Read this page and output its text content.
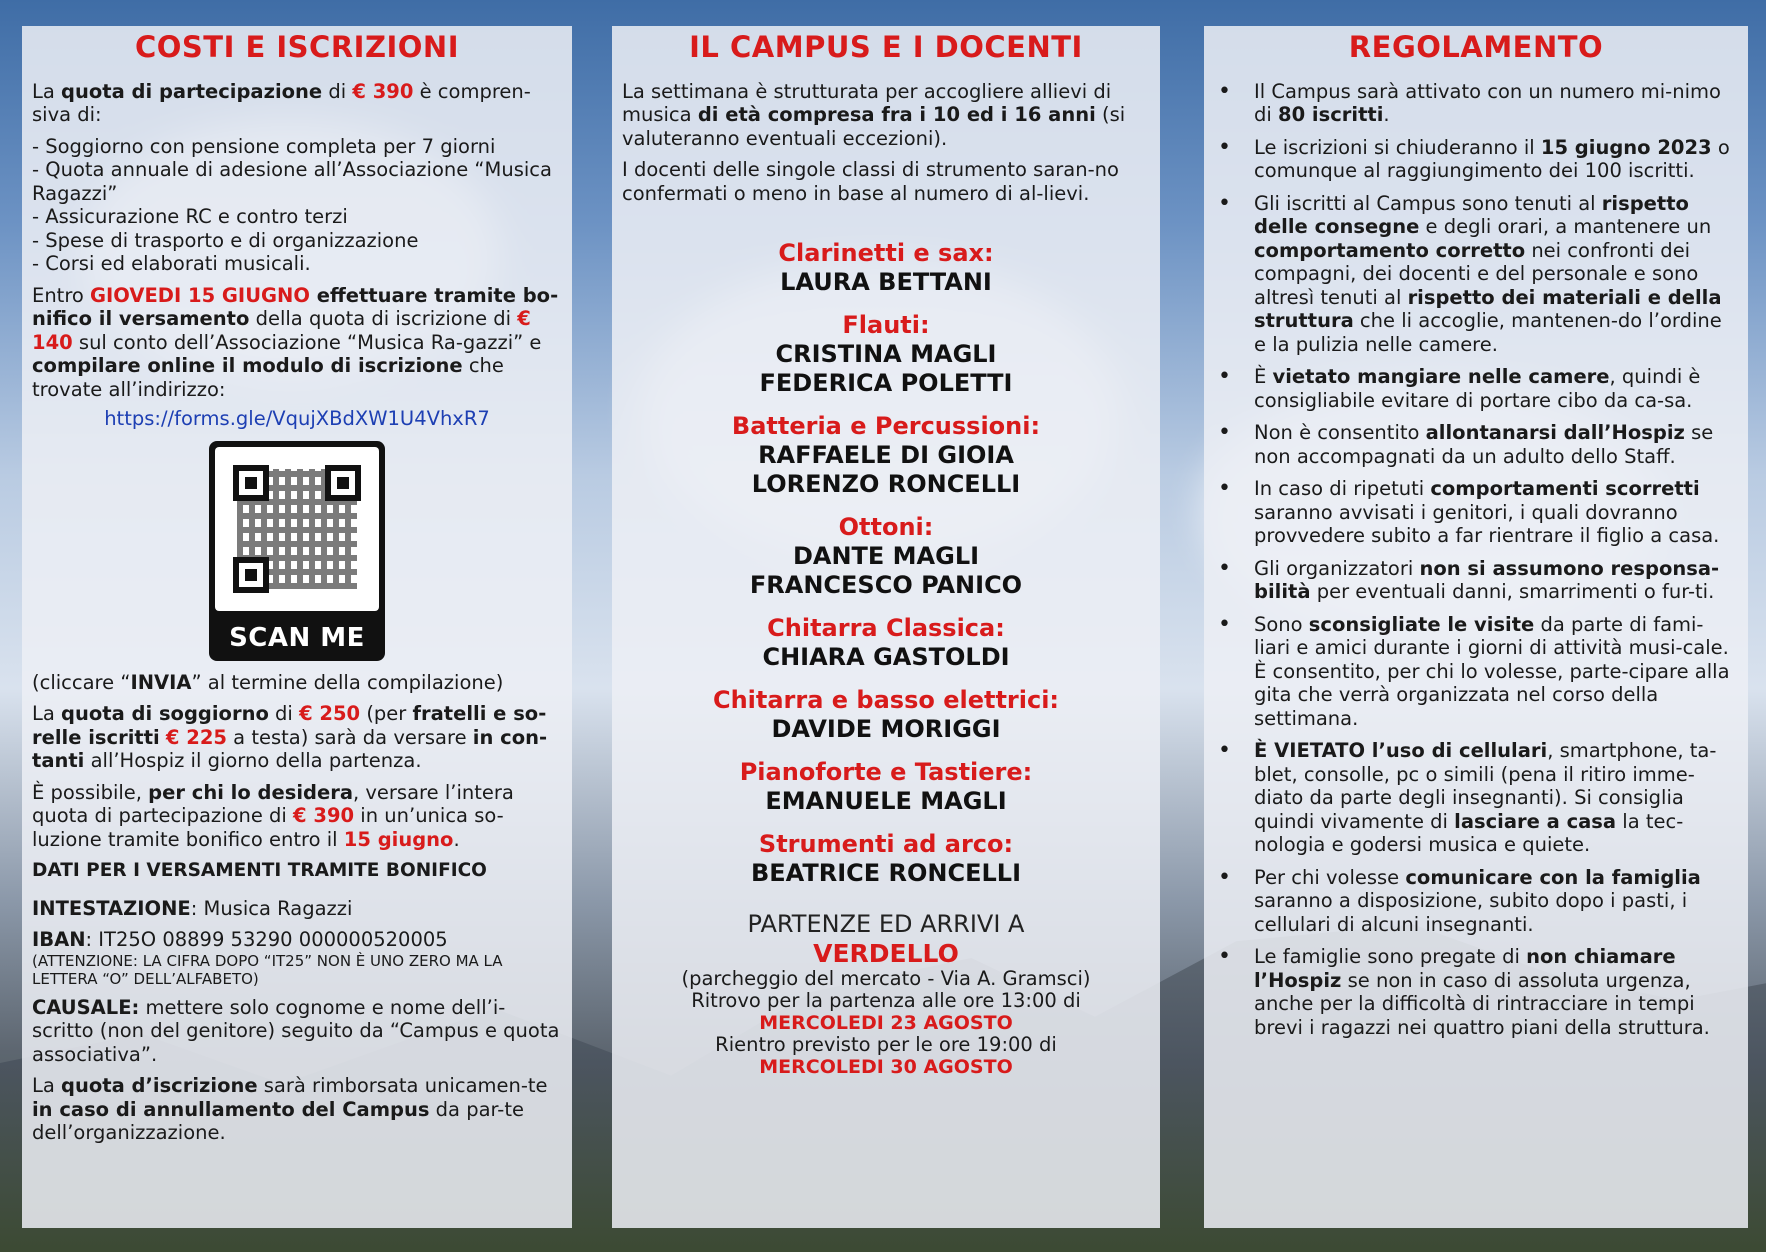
COSTI E ISCRIZIONI
La quota di partecipazione di € 390 è compren-siva di:
- Soggiorno con pensione completa per 7 giorni
- Quota annuale di adesione all’Associazione “Musica Ragazzi”
- Assicurazione RC e contro terzi
- Spese di trasporto e di organizzazione
- Corsi ed elaborati musicali.
Entro GIOVEDI 15 GIUGNO effettuare tramite bo-nifico il versamento della quota di iscrizione di € 140 sul conto dell’Associazione “Musica Ra-gazzi” e compilare online il modulo di iscrizione che trovate all’indirizzo:
https://forms.gle/VqujXBdXW1U4VhxR7
SCAN ME
(cliccare “INVIA” al termine della compilazione)
La quota di soggiorno di € 250 (per fratelli e so-relle iscritti € 225 a testa) sarà da versare in con-tanti all’Hospiz il giorno della partenza.
È possibile, per chi lo desidera, versare l’intera quota di partecipazione di € 390 in un’unica so-luzione tramite bonifico entro il 15 giugno.
DATI PER I VERSAMENTI TRAMITE BONIFICO
INTESTAZIONE: Musica Ragazzi
IBAN: IT25O 08899 53290 000000520005
(ATTENZIONE: LA CIFRA DOPO “IT25” NON È UNO ZERO MA LA LETTERA “O” DELL’ALFABETO)
CAUSALE: mettere solo cognome e nome dell’i-scritto (non del genitore) seguito da “Campus e quota associativa”.
La quota d’iscrizione sarà rimborsata unicamen-te in caso di annullamento del Campus da par-te dell’organizzazione.
IL CAMPUS E I DOCENTI
La settimana è strutturata per accogliere allievi di musica di età compresa fra i 10 ed i 16 anni (si valuteranno eventuali eccezioni).
I docenti delle singole classi di strumento saran-no confermati o meno in base al numero di al-lievi.
Clarinetti e sax:
LAURA BETTANI
Flauti:
CRISTINA MAGLI
FEDERICA POLETTI
Batteria e Percussioni:
RAFFAELE DI GIOIA
LORENZO RONCELLI
Ottoni:
DANTE MAGLI
FRANCESCO PANICO
Chitarra Classica:
CHIARA GASTOLDI
Chitarra e basso elettrici:
DAVIDE MORIGGI
Pianoforte e Tastiere:
EMANUELE MAGLI
Strumenti ad arco:
BEATRICE RONCELLI
PARTENZE ED ARRIVI A
VERDELLO
(parcheggio del mercato - Via A. Gramsci)
Ritrovo per la partenza alle ore 13:00 di
MERCOLEDI 23 AGOSTO
Rientro previsto per le ore 19:00 di
MERCOLEDI 30 AGOSTO
REGOLAMENTO
• Il Campus sarà attivato con un numero mi-nimo di 80 iscritti.
• Le iscrizioni si chiuderanno il 15 giugno 2023 o comunque al raggiungimento dei 100 iscritti.
• Gli iscritti al Campus sono tenuti al rispetto delle consegne e degli orari, a mantenere un comportamento corretto nei confronti dei compagni, dei docenti e del personale e sono altresì tenuti al rispetto dei materiali e della struttura che li accoglie, mantenen-do l’ordine e la pulizia nelle camere.
• È vietato mangiare nelle camere, quindi è consigliabile evitare di portare cibo da ca-sa.
• Non è consentito allontanarsi dall’Hospiz se non accompagnati da un adulto dello Staff.
• In caso di ripetuti comportamenti scorretti saranno avvisati i genitori, i quali dovranno provvedere subito a far rientrare il figlio a casa.
• Gli organizzatori non si assumono responsa-bilità per eventuali danni, smarrimenti o fur-ti.
• Sono sconsigliate le visite da parte di fami-liari e amici durante i giorni di attività musi-cale. È consentito, per chi lo volesse, parte-cipare alla gita che verrà organizzata nel corso della settimana.
• È VIETATO l’uso di cellulari, smartphone, ta-blet, consolle, pc o simili (pena il ritiro imme-diato da parte degli insegnanti). Si consiglia quindi vivamente di lasciare a casa la tec-nologia e godersi musica e quiete.
• Per chi volesse comunicare con la famiglia saranno a disposizione, subito dopo i pasti, i cellulari di alcuni insegnanti.
• Le famiglie sono pregate di non chiamare l’Hospiz se non in caso di assoluta urgenza, anche per la difficoltà di rintracciare in tempi brevi i ragazzi nei quattro piani della struttura.
